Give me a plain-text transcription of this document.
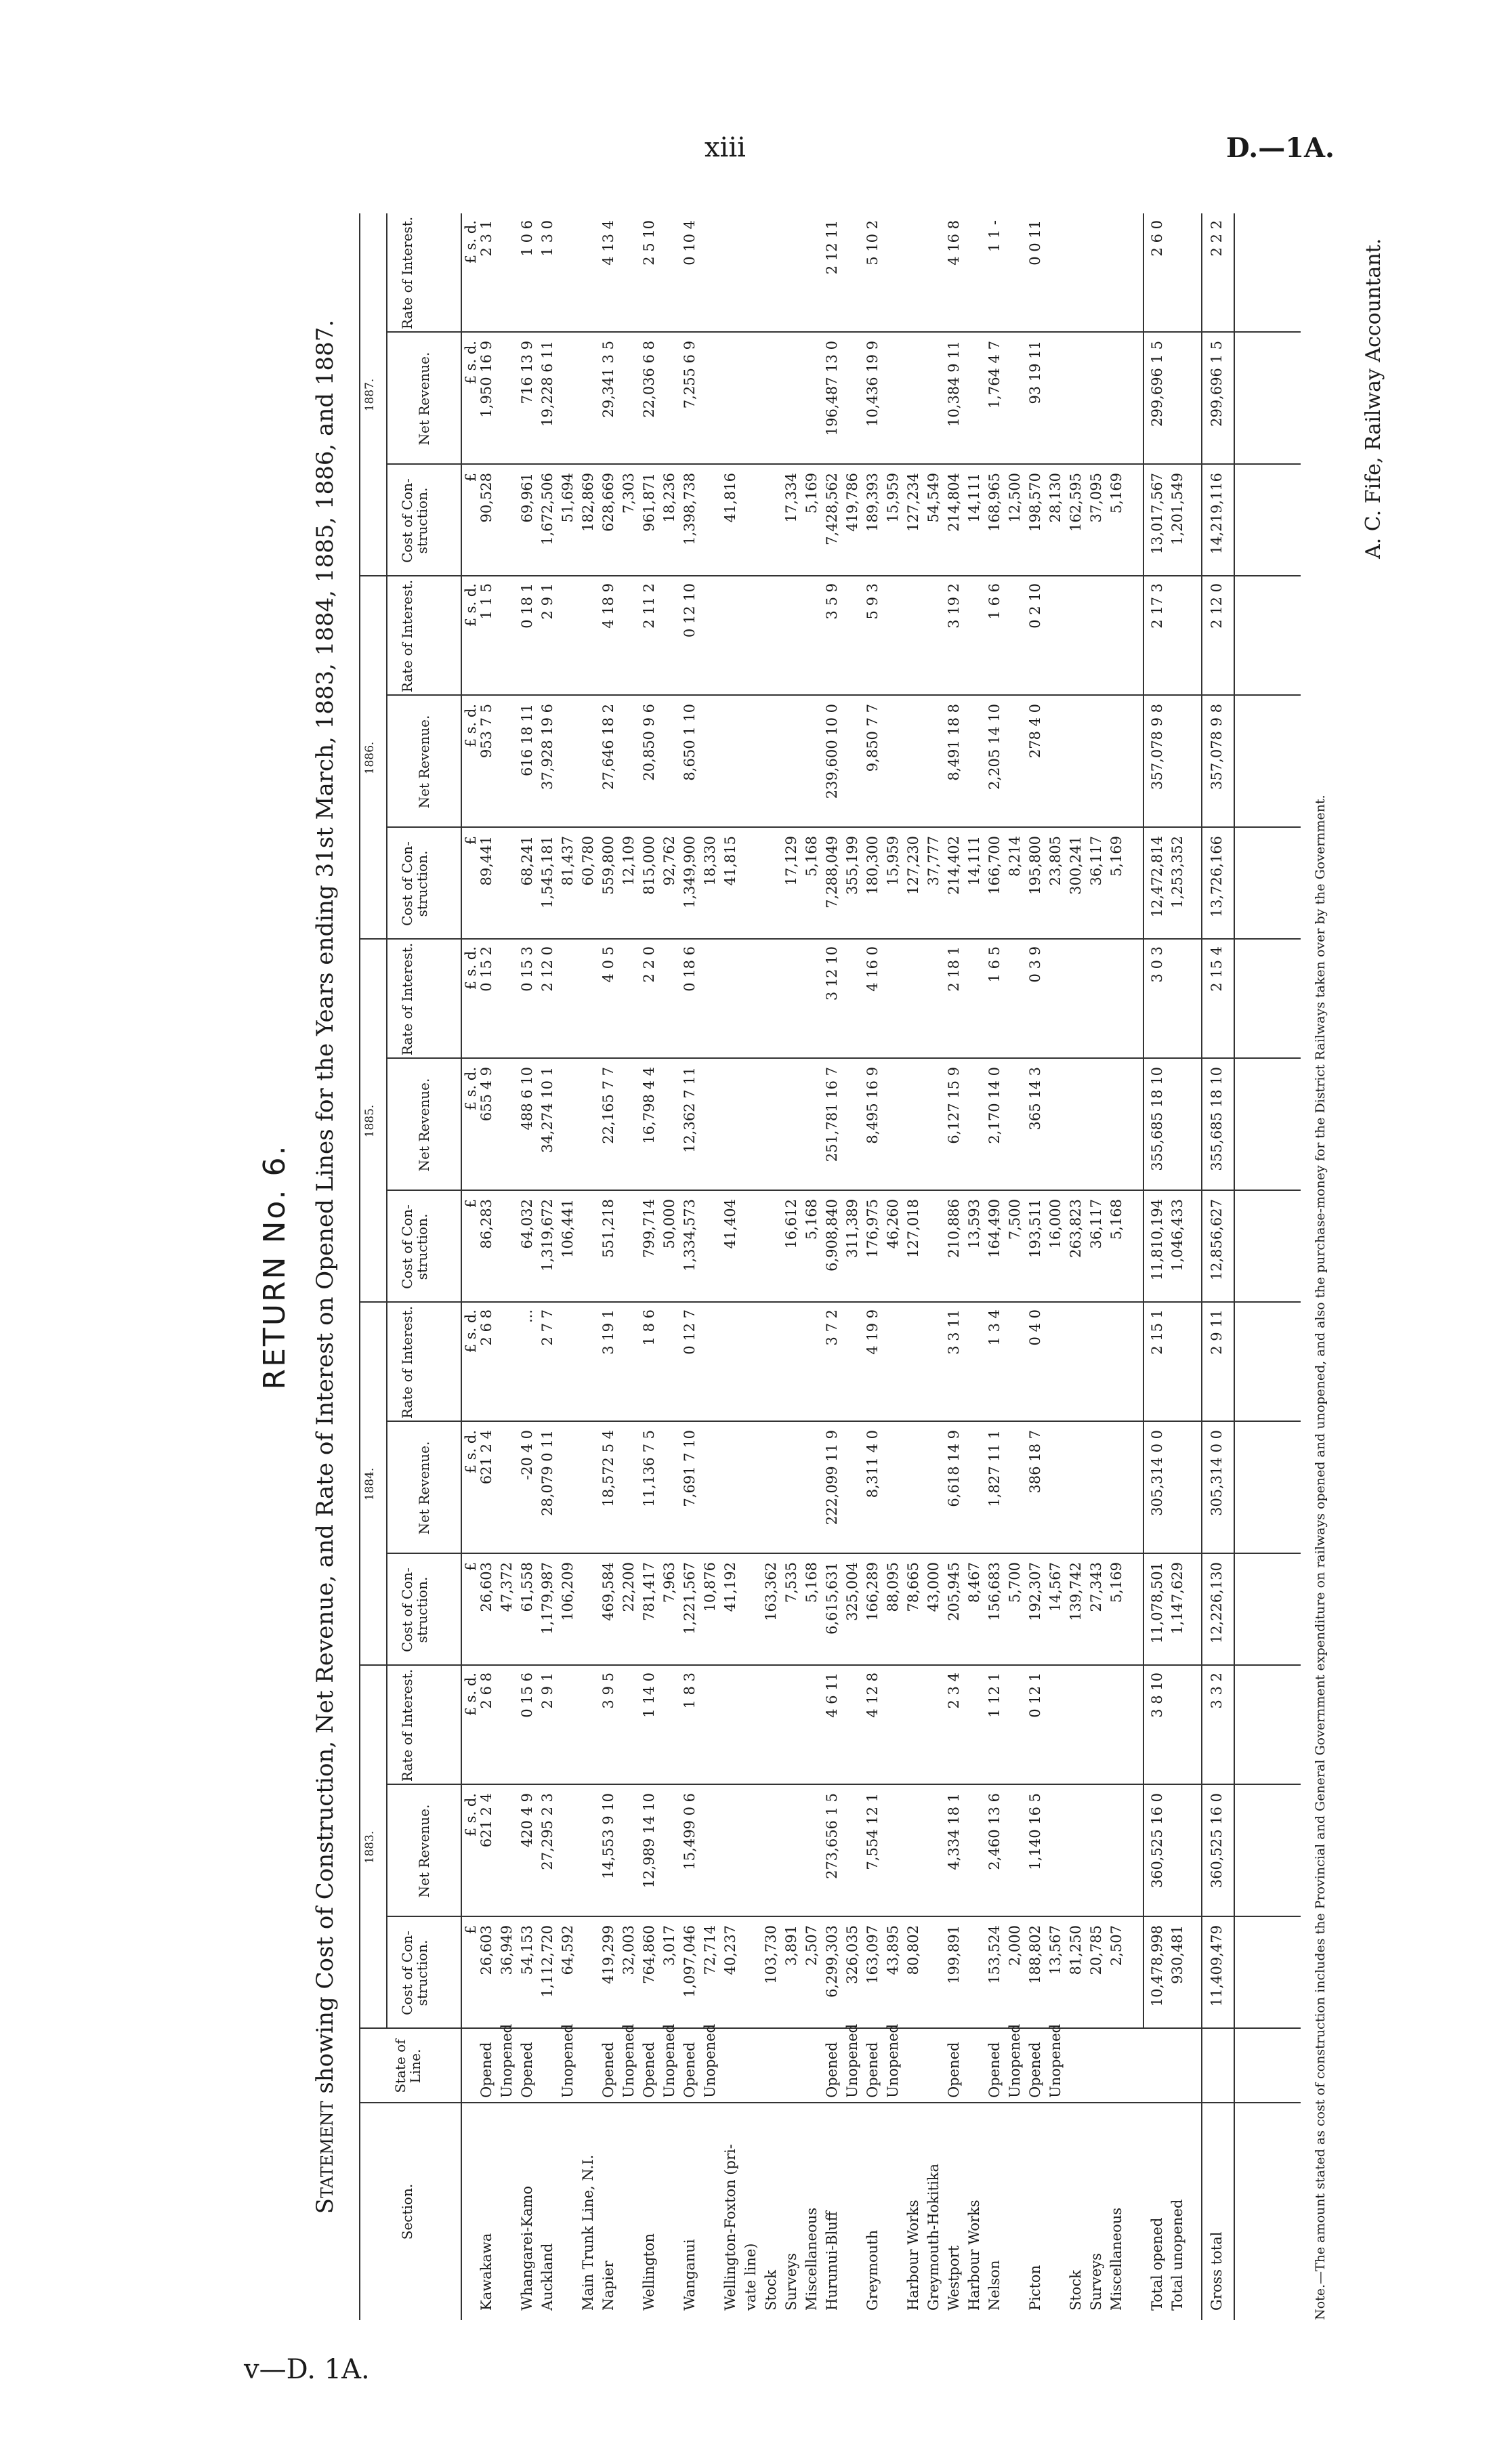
xiii	D.—1A.
v—D. 1A.
RETURN No. 6.
Statement showing Cost of Construction, Net Revenue, and Rate of Interest on Opened Lines for the Years ending 31st March, 1883, 1884, 1885, 1886, and 1887.
Section.
State of Line.
1883.
Cost of Con- struction.
Net Revenue.
Rate of Interest.
£
£ s. d.
£ s. d.
1884.
Cost of Con- struction.
Net Revenue.
Rate of Interest.
£
£ s. d.
£ s. d.
1885.
Cost of Con- struction.
Net Revenue.
Rate of Interest.
£
£ s. d.
£ s. d.
1886.
Cost of Con- struction.
Net Revenue.
Rate of Interest.
£
£ s. d.
£ s. d.
1887.
Cost of Con- struction.
Net Revenue.
Rate of Interest.
£
£ s. d.
£ s. d.
Kawakawa
Opened
26,603
621 2 4
2 6 8
26,603
621 2 4
2 6 8
86,283
655 4 9
0 15 2
89,441
953 7 5
1 1 5
90,528
1,950 16 9
2 3 1
Unopened
36,949
47,372
Whangarei-Kamo
Opened
54,153
420 4 9
0 15 6
61,558
-20 4 0
...
64,032
488 6 10
0 15 3
68,241
616 18 11
0 18 1
69,961
716 13 9
1 0 6
Auckland
1,112,720
27,295 2 3
2 9 1
1,179,987
28,079 0 11
2 7 7
1,319,672
34,274 10 1
2 12 0
1,545,181
37,928 19 6
2 9 1
1,672,506
19,228 6 11
1 3 0
Unopened
64,592
106,209
106,441
81,437
51,694
Main Trunk Line, N.I.
60,780
182,869
Napier
Opened
419,299
14,553 9 10
3 9 5
469,584
18,572 5 4
3 19 1
551,218
22,165 7 7
4 0 5
559,800
27,646 18 2
4 18 9
628,669
29,341 3 5
4 13 4
Unopened
32,003
22,200
12,109
7,303
Wellington
Opened
764,860
12,989 14 10
1 14 0
781,417
11,136 7 5
1 8 6
799,714
16,798 4 4
2 2 0
815,000
20,850 9 6
2 11 2
961,871
22,036 6 8
2 5 10
Unopened
3,017
7,963
50,000
92,762
18,236
Wanganui
Opened
1,097,046
15,499 0 6
1 8 3
1,221,567
7,691 7 10
0 12 7
1,334,573
12,362 7 11
0 18 6
1,349,900
8,650 1 10
0 12 10
1,398,738
7,255 6 9
0 10 4
Unopened
72,714
10,876
18,330
Wellington-Foxton (pri-
40,237
41,192
41,404
41,815
41,816
vate line) Stock
103,730
163,362
Surveys
3,891
7,535
16,612
17,129
17,334
Miscellaneous
2,507
5,168
5,168
5,168
5,169
Hurunui-Bluff
Opened
6,299,303
273,656 1 5
4 6 11
6,615,631
222,099 11 9
3 7 2
6,908,840
251,781 16 7
3 12 10
7,288,049
239,600 10 0
3 5 9
7,428,562
196,487 13 0
2 12 11
Unopened
326,035
325,004
311,389
355,199
419,786
Greymouth
Opened
163,097
7,554 12 1
4 12 8
166,289
8,311 4 0
4 19 9
176,975
8,495 16 9
4 16 0
180,300
9,850 7 7
5 9 3
189,393
10,436 19 9
5 10 2
Unopened
43,895
88,095
46,260
15,959
15,959
Harbour Works
80,802
78,665
127,018
127,230
127,234
Greymouth-Hokitika
43,000
37,777
54,549
Westport
Opened
199,891
4,334 18 1
2 3 4
205,945
6,618 14 9
3 3 11
210,886
6,127 15 9
2 18 1
214,402
8,491 18 8
3 19 2
214,804
10,384 9 11
4 16 8
Harbour Works
8,467
13,593
14,111
14,111
Nelson
Opened
153,524
2,460 13 6
1 12 1
156,683
1,827 11 1
1 3 4
164,490
2,170 14 0
1 6 5
166,700
2,205 14 10
1 6 6
168,965
1,764 4 7
1 1 -
Unopened
2,000
5,700
7,500
8,214
12,500
Picton
Opened
188,802
1,140 16 5
0 12 1
192,307
386 18 7
0 4 0
193,511
365 14 3
0 3 9
195,800
278 4 0
0 2 10
198,570
93 19 11
0 0 11
Unopened
13,567
14,567
16,000
23,805
28,130
Stock
81,250
139,742
263,823
300,241
162,595
Surveys
20,785
27,343
36,117
36,117
37,095
Miscellaneous
2,507
5,169
5,168
5,169
5,169
Total opened
10,478,998
360,525 16 0
3 8 10
11,078,501
305,314 0 0
2 15 1
11,810,194
355,685 18 10
3 0 3
12,472,814
357,078 9 8
2 17 3
13,017,567
299,696 1 5
2 6 0
Total unopened
930,481
1,147,629
1,046,433
1,253,352
1,201,549
Gross total
11,409,479
360,525 16 0
3 3 2
12,226,130
305,314 0 0
2 9 11
12,856,627
355,685 18 10
2 15 4
13,726,166
357,078 9 8
2 12 0
14,219,116
299,696 1 5
2 2 2
Note.—The amount stated as cost of construction includes the Provincial and General Government expenditure on railways opened and unopened, and also the purchase-money for the District Railways taken over by the Government.
A. C. Fife, Railway Accountant.
